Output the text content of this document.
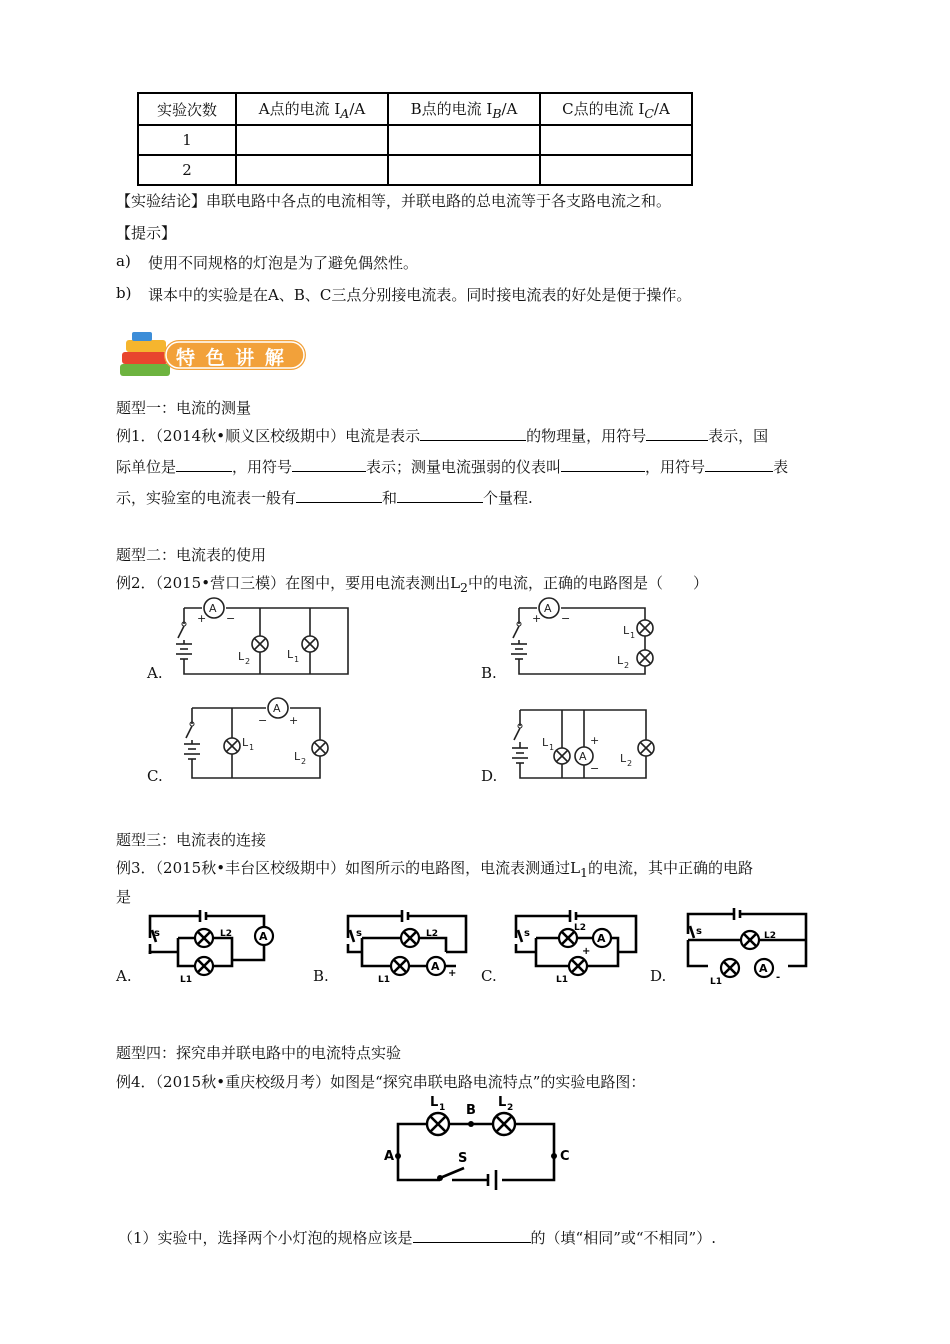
实验次数	A点的电流 $I_A/A$	B点的电流 $I_B/A$	C点的电流 $I_C/A$
1			
2			
【实验结论】串联电路中各点的电流相等，并联电路的总电流等于各支路电流之和。
【提示】
a) 使用不同规格的灯泡是为了避免偶然性。
b) 课本中的实验是在A、B、C三点分别接电流表。同时接电流表的好处是便于操作。
特 色 讲 解
题型一：电流的测量
例1．（2014秋•顺义区校级期中）电流是表示	的物理量，用符号	表示，国
际单位是	，用符号	表示；测量电流强弱的仪表叫	，用符号	表
示，实验室的电流表一般有	和	个量程.
题型二：电流表的使用
例2．（2015•营口三模）在图中，要用电流表测出$L_2$中的电流，正确的电路图是（　　）
A
+ −
L 2
L 1
A.
A
+ −
L 1
L 2
B.
A
− +
L 1
L 2
C.
L 1
A
+
−
L 2
D.
题型三：电流表的连接
例3．（2015秋•丰台区校级期中）如图所示的电路图，电流表测通过$L_1$的电流，其中正确的电路
是
A
s	L2
L1
A.
s	L2
L1
A
+
B.
s	L2
A
+
L1
C.
s	L2
L1
A
-
D.
题型四：探究串并联电路中的电流特点实验
例4．（2015秋•重庆校级月考）如图是“探究串联电路电流特点”的实验电路图：
L 1 B
L 2
A	C
S
（1）实验中，选择两个小灯泡的规格应该是	的（填“相同”或“不相同”）.
